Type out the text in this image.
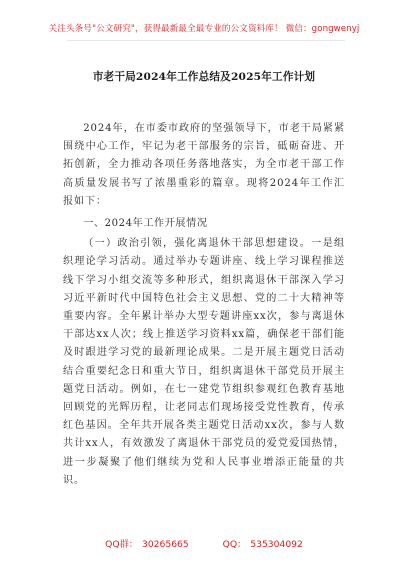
关注头条号"公文研究"，获得最新最全最专业的公文资料库！ 微信：gongwenyj
市老干局2024年工作总结及2025年工作计划

2024年，在市委市政府的坚强领导下，市老干局紧紧围绕中心工作，牢记为老干部服务的宗旨，砥砺奋进、开拓创新，全力推动各项任务落地落实，为全市老干部工作高质量发展书写了浓墨重彩的篇章。现将2024年工作汇报如下：

一、2024年工作开展情况

（一）政治引领，强化离退休干部思想建设。一是组织理论学习活动。通过举办专题讲座、线上学习课程推送线下学习小组交流等多种形式，组织离退休干部深入学习习近平新时代中国特色社会主义思想、党的二十大精神等重要内容。全年累计举办大型专题讲座xx次，参与离退休干部达xx人次；线上推送学习资料xx篇，确保老干部们能及时跟进学习党的最新理论成果。二是开展主题党日活动结合重要纪念日和重大节日，组织离退休干部党员开展主题党日活动。例如，在七一建党节组织参观红色教育基地回顾党的光辉历程，让老同志们现场接受党性教育，传承红色基因。全年共开展各类主题党日活动xx次，参与人数共计xx人，有效激发了离退休干部党员的爱党爱国热情，进一步凝聚了他们继续为党和人民事业增添正能量的共识。

QQ群： 30265665	QQ： 535304092
